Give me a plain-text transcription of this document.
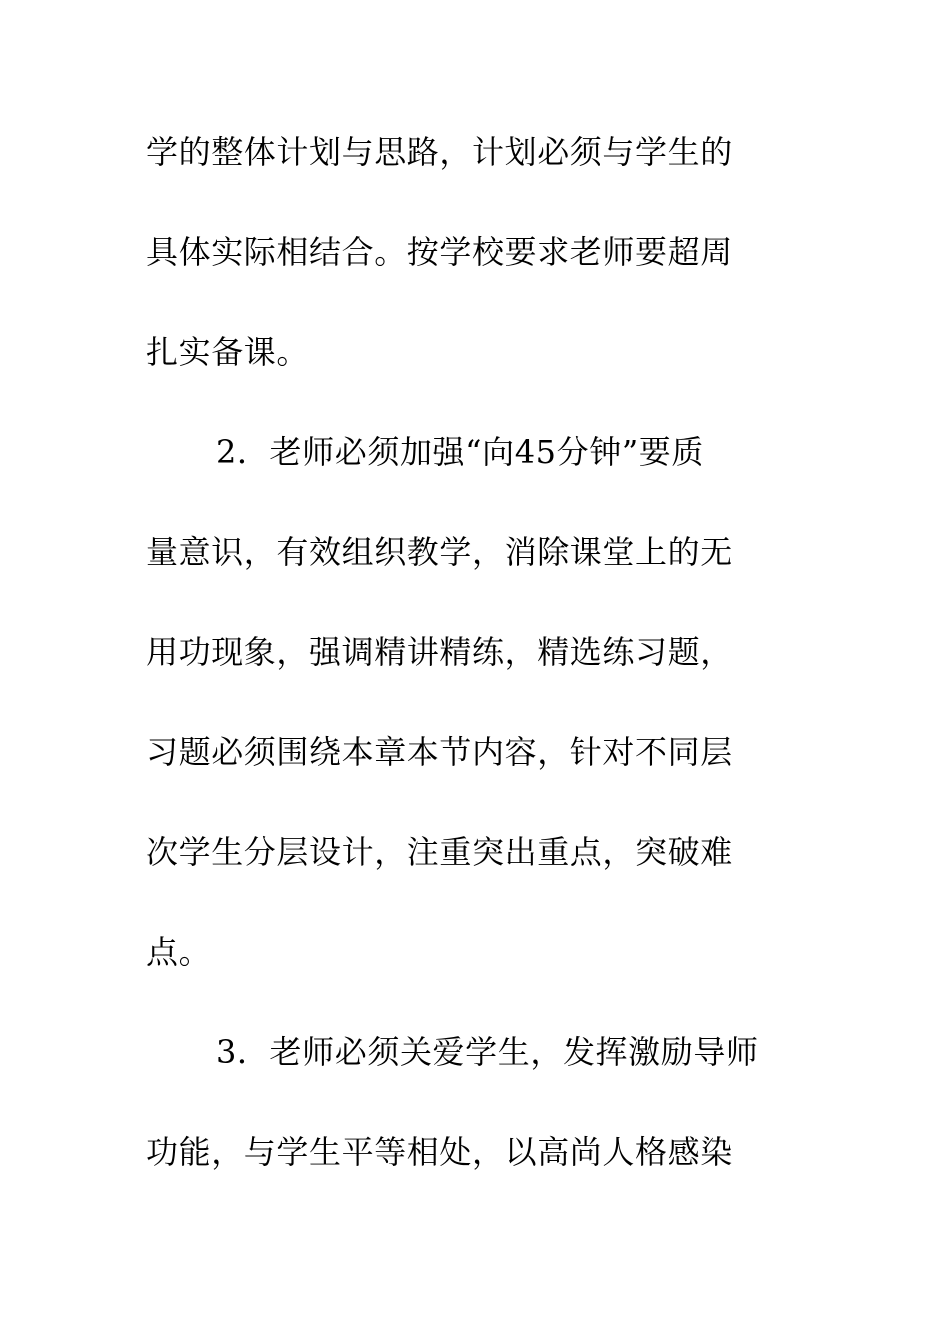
学的整体计划与思路，计划必须与学生的
具体实际相结合。按学校要求老师要超周
扎实备课。
2．老师必须加强“向45分钟”要质
量意识，有效组织教学，消除课堂上的无
用功现象，强调精讲精练，精选练习题，
习题必须围绕本章本节内容，针对不同层
次学生分层设计，注重突出重点，突破难
点。
3．老师必须关爱学生，发挥激励导师
功能，与学生平等相处，以高尚人格感染
